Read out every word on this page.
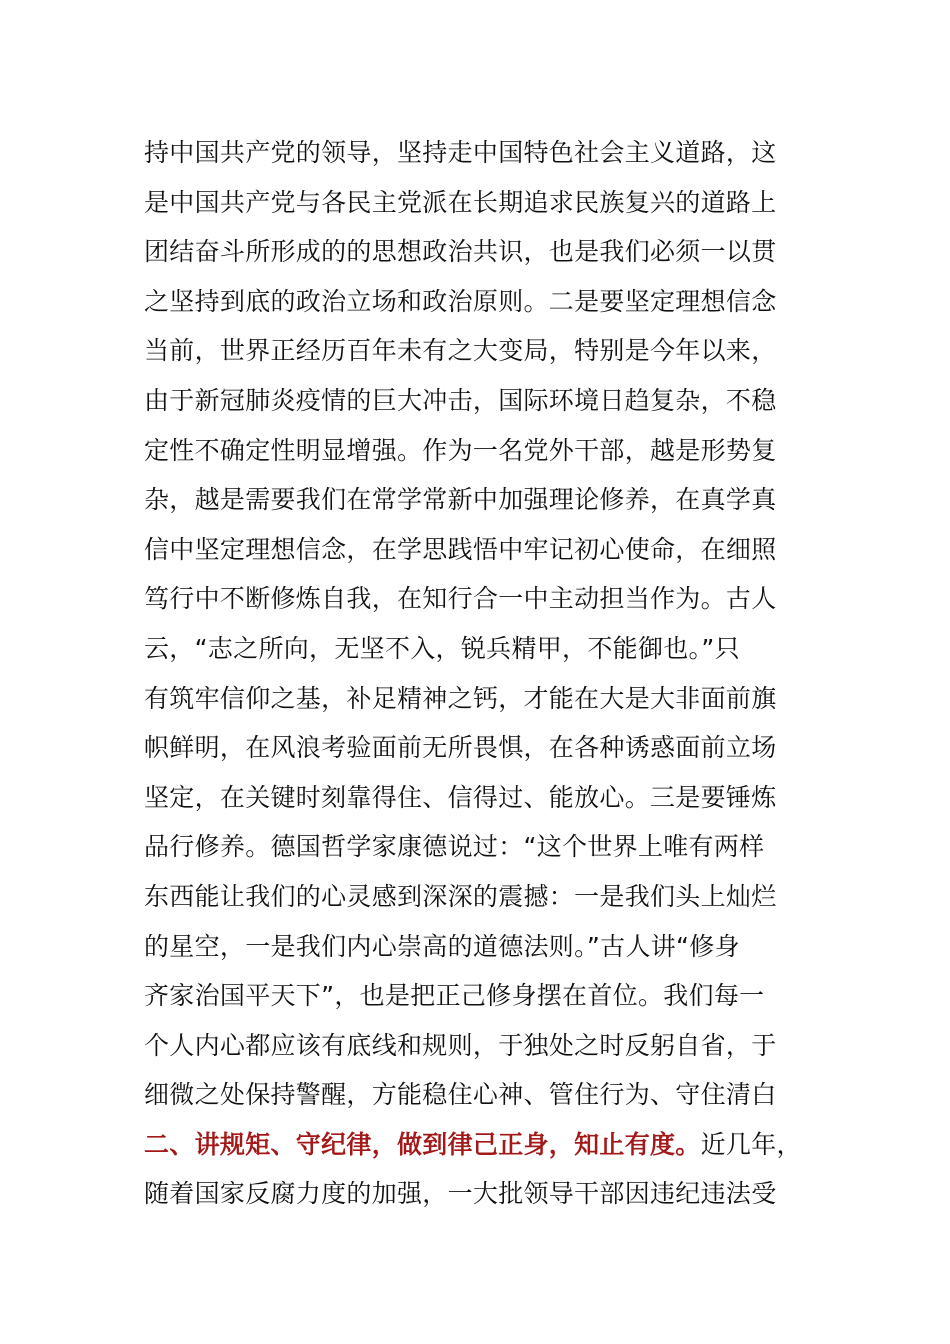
持中国共产党的领导，坚持走中国特色社会主义道路，这
是中国共产党与各民主党派在长期追求民族复兴的道路上
团结奋斗所形成的的思想政治共识，也是我们必须一以贯
之坚持到底的政治立场和政治原则。二是要坚定理想信念
当前，世界正经历百年未有之大变局，特别是今年以来，
由于新冠肺炎疫情的巨大冲击，国际环境日趋复杂，不稳
定性不确定性明显增强。作为一名党外干部，越是形势复
杂，越是需要我们在常学常新中加强理论修养，在真学真
信中坚定理想信念，在学思践悟中牢记初心使命，在细照
笃行中不断修炼自我，在知行合一中主动担当作为。古人
云，“志之所向，无坚不入，锐兵精甲，不能御也。”只
有筑牢信仰之基，补足精神之钙，才能在大是大非面前旗
帜鲜明，在风浪考验面前无所畏惧，在各种诱惑面前立场
坚定，在关键时刻靠得住、信得过、能放心。三是要锤炼
品行修养。德国哲学家康德说过：“这个世界上唯有两样
东西能让我们的心灵感到深深的震撼：一是我们头上灿烂
的星空，一是我们内心崇高的道德法则。”古人讲“修身
齐家治国平天下”，也是把正己修身摆在首位。我们每一
个人内心都应该有底线和规则，于独处之时反躬自省，于
细微之处保持警醒，方能稳住心神、管住行为、守住清白
二、讲规矩、守纪律，做到律己正身，知止有度。近几年，
随着国家反腐力度的加强，一大批领导干部因违纪违法受
